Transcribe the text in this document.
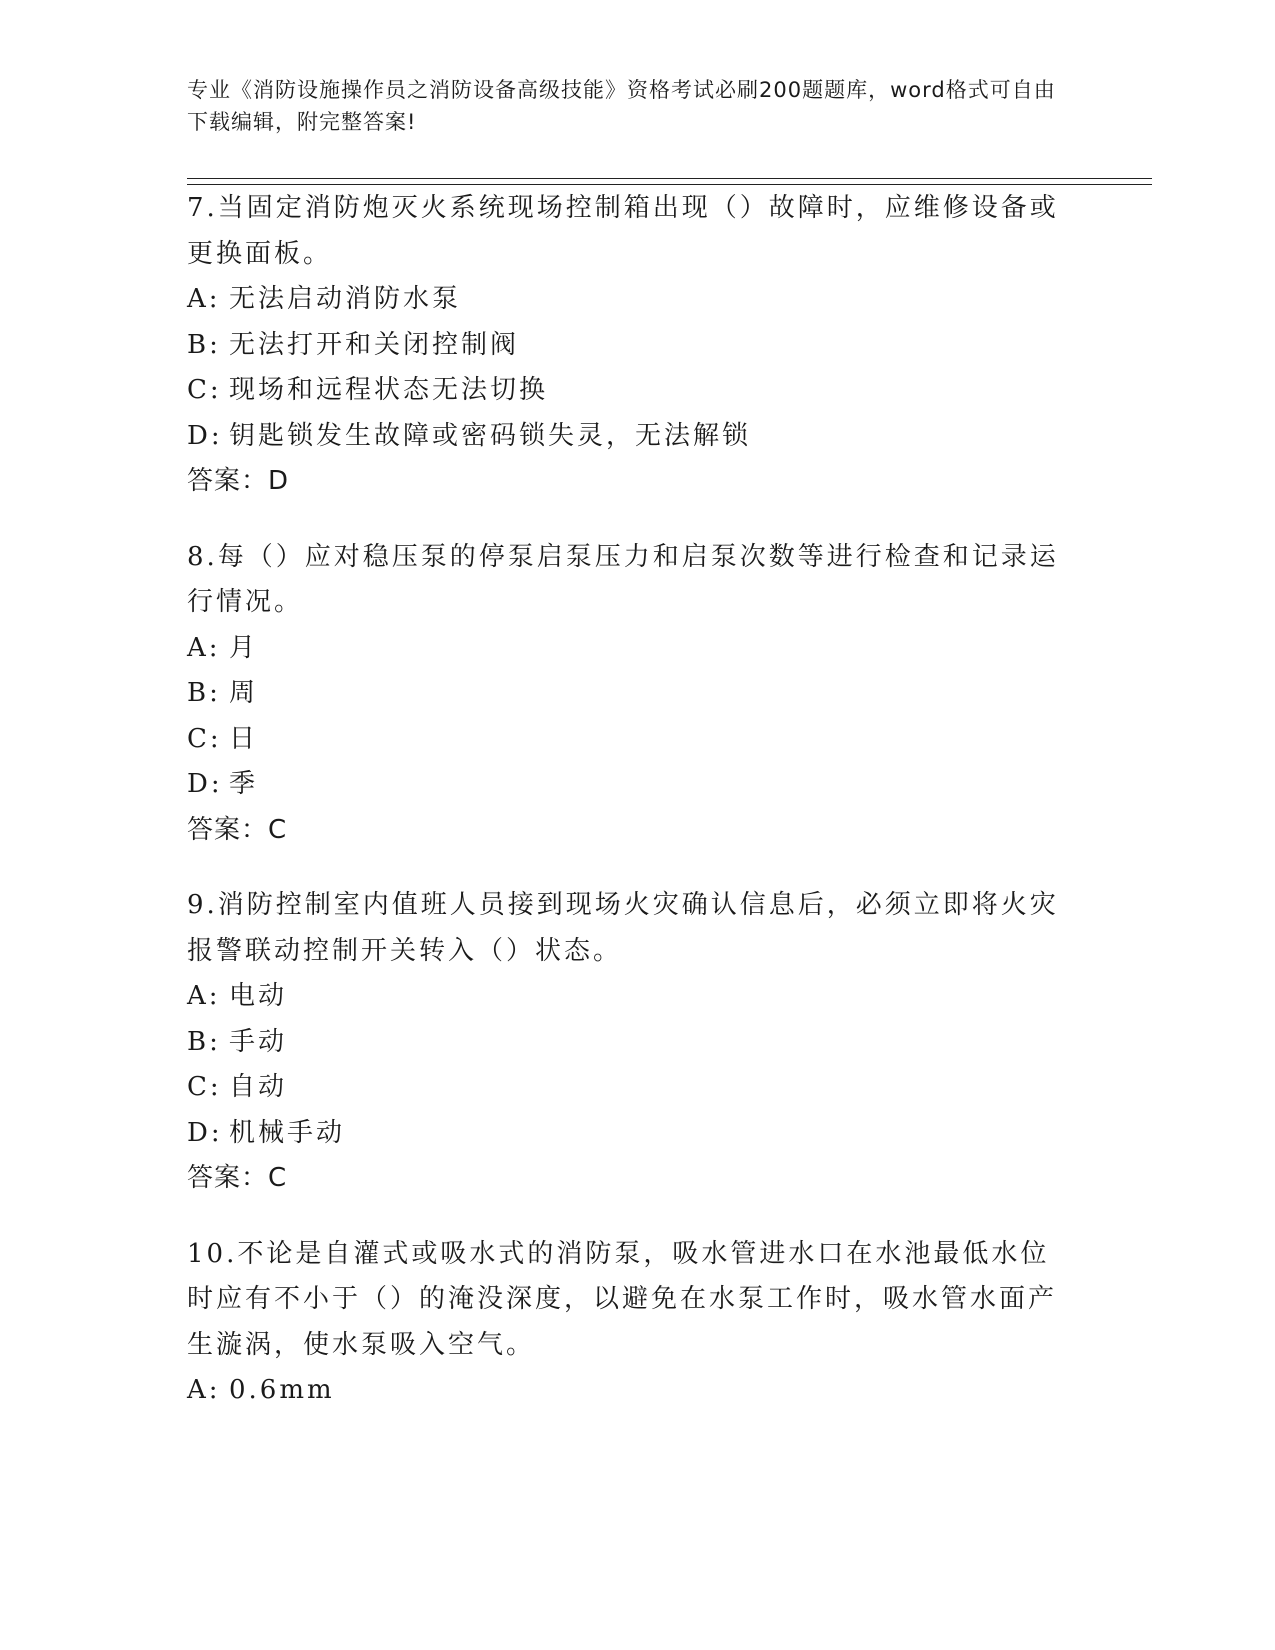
专业《消防设施操作员之消防设备高级技能》资格考试必刷200题题库，word格式可自由下载编辑，附完整答案!

7.当固定消防炮灭火系统现场控制箱出现（）故障时，应维修设备或更换面板。

A: 无法启动消防水泵

B: 无法打开和关闭控制阀

C: 现场和远程状态无法切换

D: 钥匙锁发生故障或密码锁失灵，无法解锁

答案：D

8.每（）应对稳压泵的停泵启泵压力和启泵次数等进行检查和记录运行情况。

A: 月

B: 周

C: 日

D: 季

答案：C

9.消防控制室内值班人员接到现场火灾确认信息后，必须立即将火灾报警联动控制开关转入（）状态。

A: 电动

B: 手动

C: 自动

D: 机械手动

答案：C

10.不论是自灌式或吸水式的消防泵，吸水管进水口在水池最低水位时应有不小于（）的淹没深度，以避免在水泵工作时，吸水管水面产生漩涡，使水泵吸入空气。

A: 0.6mm
